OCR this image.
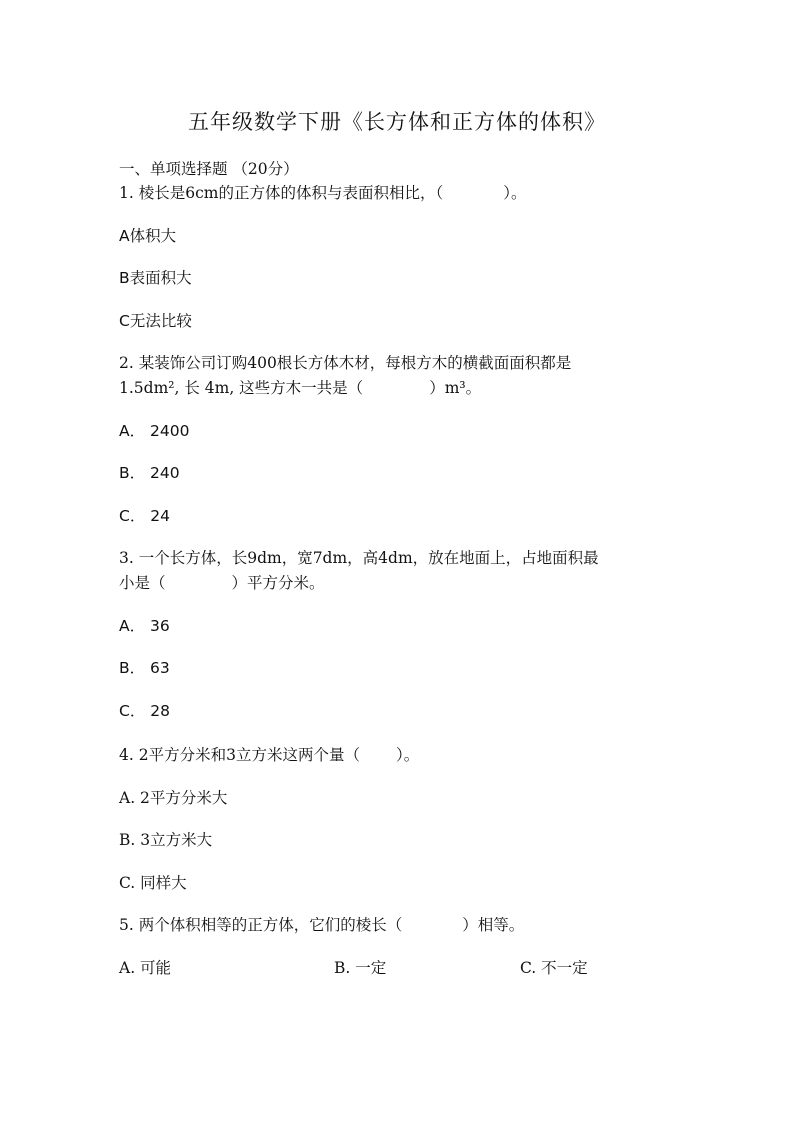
五年级数学下册《长方体和正方体的体积》
一、单项选择题 （20分）
1. 棱长是6cm的正方体的体积与表面积相比，（	）。
A体积大
B表面积大
C无法比较
2. 某装饰公司订购400根长方体木材，每根方木的横截面面积都是
1.5dm², 长 4m, 这些方木一共是（	）m³。
A． 2400
B． 240
C． 24
3. 一个长方体，长9dm，宽7dm，高4dm，放在地面上，占地面积最
小是（	）平方分米。
A． 36
B． 63
C． 28
4. 2平方分米和3立方米这两个量（ ）。
A. 2平方分米大
B. 3立方米大
C. 同样大
5. 两个体积相等的正方体，它们的棱长（	）相等。
A. 可能	B. 一定	C. 不一定
